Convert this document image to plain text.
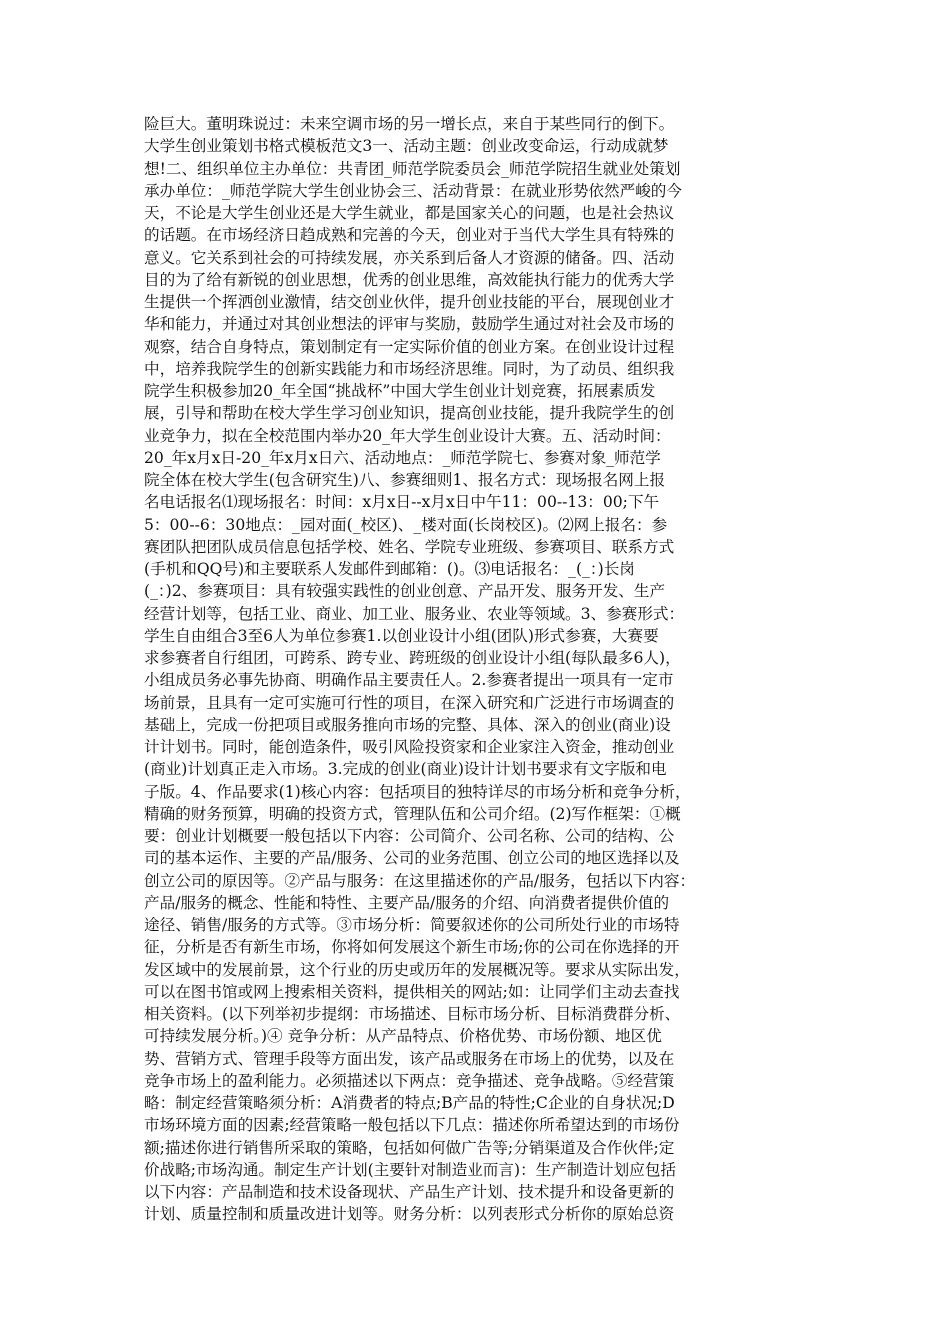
险巨大。董明珠说过：未来空调市场的另一增长点，来自于某些同行的倒下。
大学生创业策划书格式模板范文3一、活动主题：创业改变命运，行动成就梦
想!二、组织单位主办单位：共青团_师范学院委员会_师范学院招生就业处策划
承办单位：_师范学院大学生创业协会三、活动背景：在就业形势依然严峻的今
天，不论是大学生创业还是大学生就业，都是国家关心的问题，也是社会热议
的话题。在市场经济日趋成熟和完善的今天，创业对于当代大学生具有特殊的
意义。它关系到社会的可持续发展，亦关系到后备人才资源的储备。四、活动
目的为了给有新锐的创业思想，优秀的创业思维，高效能执行能力的优秀大学
生提供一个挥洒创业激情，结交创业伙伴，提升创业技能的平台，展现创业才
华和能力，并通过对其创业想法的评审与奖励，鼓励学生通过对社会及市场的
观察，结合自身特点，策划制定有一定实际价值的创业方案。在创业设计过程
中，培养我院学生的创新实践能力和市场经济思维。同时，为了动员、组织我
院学生积极参加20_年全国“挑战杯”中国大学生创业计划竞赛，拓展素质发
展，引导和帮助在校大学生学习创业知识，提高创业技能，提升我院学生的创
业竞争力，拟在全校范围内举办20_年大学生创业设计大赛。五、活动时间：
20_年x月x日-20_年x月x日六、活动地点：_师范学院七、参赛对象_师范学
院全体在校大学生(包含研究生)八、参赛细则1、报名方式：现场报名网上报
名电话报名⑴现场报名：时间：x月x日--x月x日中午11：00--13：00;下午
5：00--6：30地点：_园对面(_校区)、_楼对面(长岗校区)。⑵网上报名：参
赛团队把团队成员信息包括学校、姓名、学院专业班级、参赛项目、联系方式
(手机和QQ号)和主要联系人发邮件到邮箱：()。⑶电话报名：_(_：)长岗
(_：)2、参赛项目：具有较强实践性的创业创意、产品开发、服务开发、生产
经营计划等，包括工业、商业、加工业、服务业、农业等领域。3、参赛形式：
学生自由组合3至6人为单位参赛1.以创业设计小组(团队)形式参赛，大赛要
求参赛者自行组团，可跨系、跨专业、跨班级的创业设计小组(每队最多6人)，
小组成员务必事先协商、明确作品主要责任人。2.参赛者提出一项具有一定市
场前景，且具有一定可实施可行性的项目，在深入研究和广泛进行市场调查的
基础上，完成一份把项目或服务推向市场的完整、具体、深入的创业(商业)设
计计划书。同时，能创造条件，吸引风险投资家和企业家注入资金，推动创业
(商业)计划真正走入市场。3.完成的创业(商业)设计计划书要求有文字版和电
子版。4、作品要求(1)核心内容：包括项目的独特详尽的市场分析和竞争分析，
精确的财务预算，明确的投资方式，管理队伍和公司介绍。(2)写作框架：①概
要：创业计划概要一般包括以下内容：公司简介、公司名称、公司的结构、公
司的基本运作、主要的产品/服务、公司的业务范围、创立公司的地区选择以及
创立公司的原因等。②产品与服务：在这里描述你的产品/服务，包括以下内容：
产品/服务的概念、性能和特性、主要产品/服务的介绍、向消费者提供价值的
途径、销售/服务的方式等。③市场分析：简要叙述你的公司所处行业的市场特
征，分析是否有新生市场，你将如何发展这个新生市场;你的公司在你选择的开
发区域中的发展前景，这个行业的历史或历年的发展概况等。要求从实际出发，
可以在图书馆或网上搜索相关资料，提供相关的网站;如：让同学们主动去查找
相关资料。(以下列举初步提纲：市场描述、目标市场分析、目标消费群分析、
可持续发展分析。)④ 竞争分析：从产品特点、价格优势、市场份额、地区优
势、营销方式、管理手段等方面出发，该产品或服务在市场上的优势，以及在
竞争市场上的盈利能力。必须描述以下两点：竞争描述、竞争战略。⑤经营策
略：制定经营策略须分析：A消费者的特点;B产品的特性;C企业的自身状况;D
市场环境方面的因素;经营策略一般包括以下几点：描述你所希望达到的市场份
额;描述你进行销售所采取的策略，包括如何做广告等;分销渠道及合作伙伴;定
价战略;市场沟通。制定生产计划(主要针对制造业而言)：生产制造计划应包括
以下内容：产品制造和技术设备现状、产品生产计划、技术提升和设备更新的
计划、质量控制和质量改进计划等。财务分析：以列表形式分析你的原始总资
